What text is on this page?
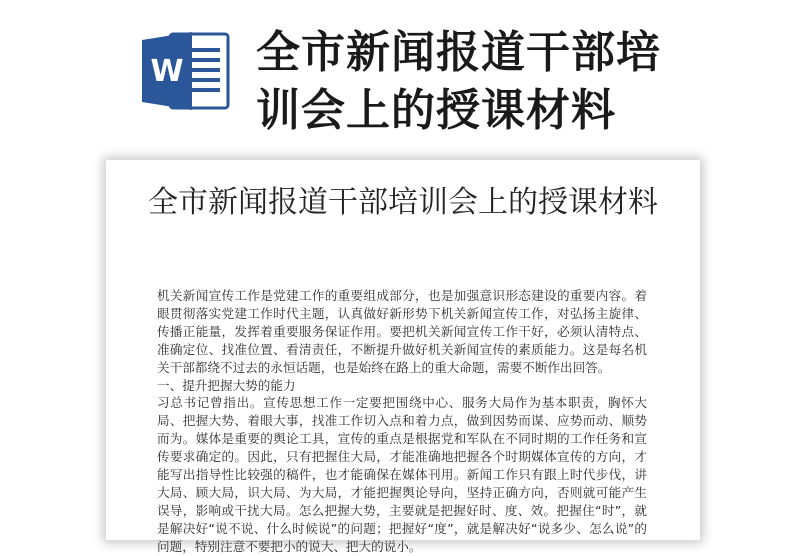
W 全市新闻报道干部培训会上的授课材料
全市新闻报道干部培训会上的授课材料

机关新闻宣传工作是党建工作的重要组成部分，也是加强意识形态建设的重要内容。着眼贯彻落实党建工作时代主题，认真做好新形势下机关新闻宣传工作，对弘扬主旋律、传播正能量，发挥着重要服务保证作用。要把机关新闻宣传工作干好，必须认清特点、准确定位、找准位置、看清责任，不断提升做好机关新闻宣传的素质能力。这是每名机关干部都绕不过去的永恒话题，也是始终在路上的重大命题，需要不断作出回答。

一、提升把握大势的能力

习总书记曾指出。宣传思想工作一定要把围绕中心、服务大局作为基本职责，胸怀大局、把握大势、着眼大事，找准工作切入点和着力点，做到因势而谋、应势而动、顺势而为。媒体是重要的舆论工具，宣传的重点是根据党和军队在不同时期的工作任务和宣传要求确定的。因此，只有把握住大局，才能准确地把握各个时期媒体宣传的方向，才能写出指导性比较强的稿件，也才能确保在媒体刊用。新闻工作只有跟上时代步伐，讲大局、顾大局，识大局、为大局，才能把握舆论导向，坚持正确方向，否则就可能产生误导，影响或干扰大局。怎么把握大势，主要就是把握好时、度、效。把握住“时”，就是解决好“说不说、什么时候说”的问题；把握好“度”，就是解决好“说多少、怎么说”的问题，特别注意不要把小的说大、把大的说小。
